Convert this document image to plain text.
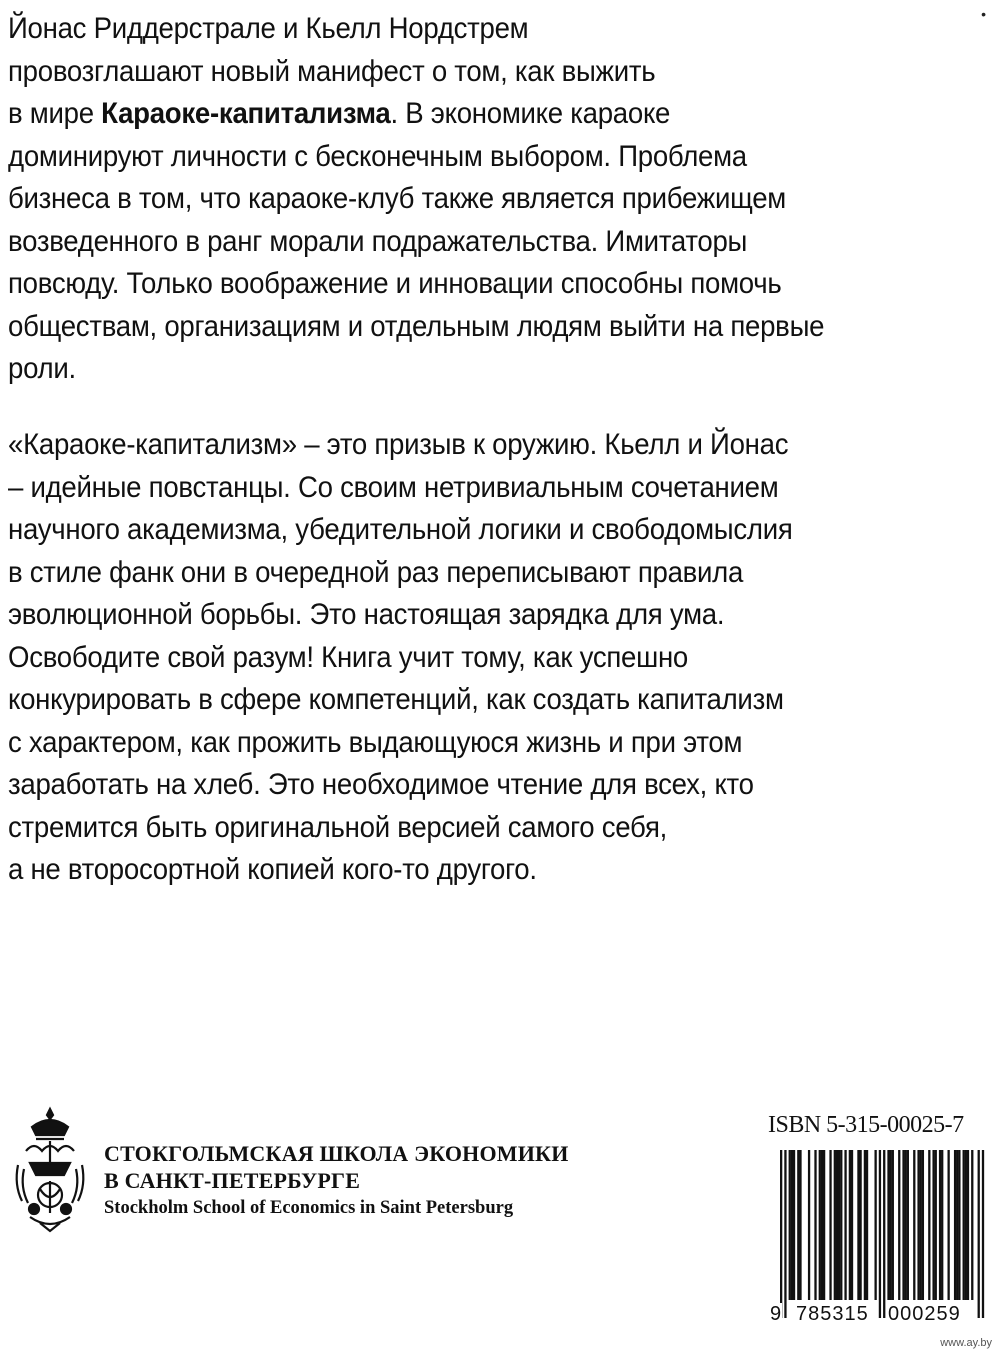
•
Йонас Риддерстрале и Кьелл Нордстрем
провозглашают новый манифест о том, как выжить
в мире Караоке-капитализма. В экономике караоке
доминируют личности с бесконечным выбором. Проблема
бизнеса в том, что караоке-клуб также является прибежищем
возведенного в ранг морали подражательства. Имитаторы
повсюду. Только воображение и инновации способны помочь
обществам, организациям и отдельным людям выйти на первые
роли.
«Караоке-капитализм» – это призыв к оружию. Кьелл и Йонас
– идейные повстанцы. Со своим нетривиальным сочетанием
научного академизма, убедительной логики и свободомыслия
в стиле фанк они в очередной раз переписывают правила
эволюционной борьбы. Это настоящая зарядка для ума.
Освободите свой разум! Книга учит тому, как успешно
конкурировать в сфере компетенций, как создать капитализм
с характером, как прожить выдающуюся жизнь и при этом
заработать на хлеб. Это необходимое чтение для всех, кто
стремится быть оригинальной версией самого себя,
а не второсортной копией кого-то другого.
СТОКГОЛЬМСКАЯ ШКОЛА ЭКОНОМИКИ
В САНКТ-ПЕТЕРБУРГЕ
Stockholm School of Economics in Saint Petersburg
ISBN 5-315-00025-7
9 785315 000259
www.ay.by
